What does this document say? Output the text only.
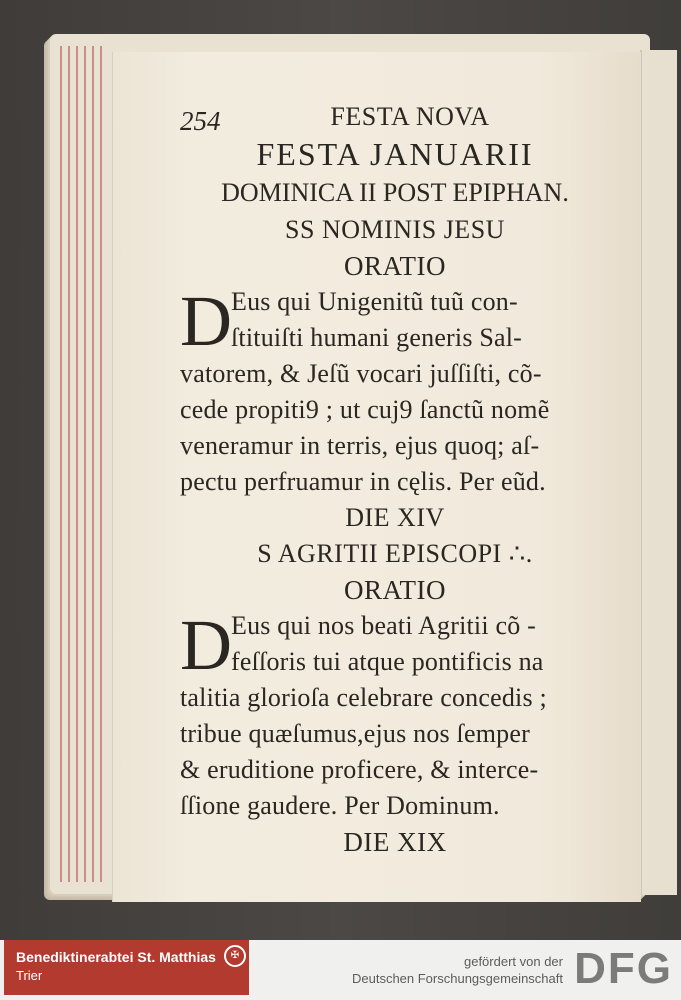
254	FESTA NOVA
FESTA JANUARII
DOMINICA II POST EPIPHAN.
SS NOMINIS JESU
ORATIO
D
Eus qui Unigenitũ tuũ con-
ſtituiſti humani generis Sal-
vatorem, & Jeſũ vocari juſſiſti, cõ-
cede propiti9 ; ut cuj9 ſanctũ nomẽ
veneramur in terris, ejus quoq; aſ-
pectu perfruamur in cęlis. Per eũd.
DIE XIV
S AGRITII EPISCOPI ∴.
ORATIO
D
Eus qui nos beati Agritii cõ -
feſſoris tui atque pontificis na
talitia glorioſa celebrare concedis ;
tribue quæſumus,ejus nos ſemper
& eruditione proficere, & interce-
ſſione gaudere. Per Dominum.
DIE XIX
Benediktinerabtei St. Matthias
Trier
✠	gefördert von der
Deutschen Forschungsgemeinschaft DFG
